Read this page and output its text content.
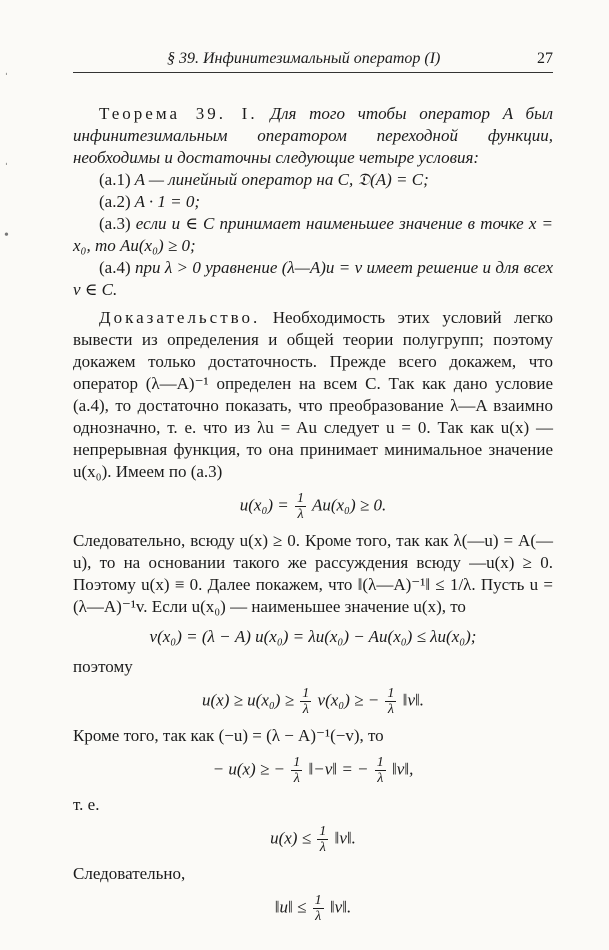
ˌ
ˌ
•
§ 39. Инфинитезимальный оператор (I)	27

Теорема 39. I. Для того чтобы оператор A был инфинитезимальным оператором переходной функции, необходимы и достаточны следующие четыре условия:

(a.1) A — линейный оператор на C, 𝔇(A) = C;

(a.2) A · 1 = 0;

(a.3) если u ∈ C принимает наименьшее значение в точке x = x₀, то Au(x₀) ≥ 0;

(a.4) при λ > 0 уравнение (λ—A)u = v имеет решение u для всех v ∈ C.

Доказательство. Необходимость этих условий легко вывести из определения и общей теории полугрупп; поэтому докажем только достаточность. Прежде всего докажем, что оператор (λ—A)⁻¹ определен на всем C. Так как дано условие (a.4), то достаточно показать, что преобразование λ—A взаимно однозначно, т. е. что из λu = Au следует u = 0. Так как u(x) — непрерывная функция, то она принимает минимальное значение u(x₀). Имеем по (a.3)

$u(x_0) = \frac{1}{\lambda} Au(x_0) \ge 0$.

Следовательно, всюду u(x) ≥ 0. Кроме того, так как λ(—u) = A(—u), то на основании такого же рассуждения всюду —u(x) ≥ 0. Поэтому u(x) ≡ 0. Далее покажем, что ‖(λ—A)⁻¹‖ ≤ 1/λ. Пусть u = (λ—A)⁻¹v. Если u(x₀) — наименьшее значение u(x), то

v(x₀) = (λ − A) u(x₀) = λu(x₀) − Au(x₀) ≤ λu(x₀);

поэтому

$u(x) \ge u(x_0) \ge \frac{1}{\lambda} v(x_0)$ ≥ − $\frac{1}{\lambda}$ ‖v‖.

Кроме того, так как (−u) = (λ − A)⁻¹(−v), то

− u(x) ≥ − $\frac{1}{\lambda}$ ‖−v‖ = − $\frac{1}{\lambda}$ ‖v‖,

т. е.

$u(x) \le \frac{1}{\lambda}$ ‖v‖.

Следовательно,

‖u‖ ≤ $\frac{1}{\lambda}$ ‖v‖.
